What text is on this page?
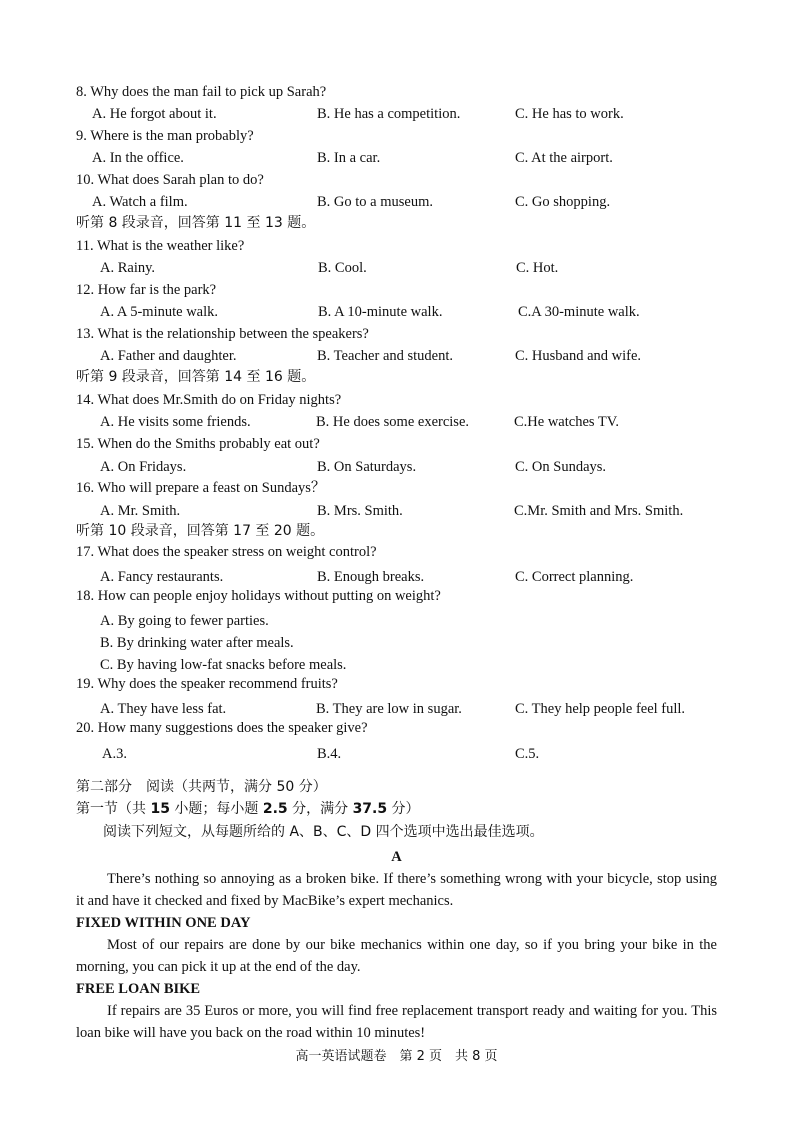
8. Why does the man fail to pick up Sarah?
A. He forgot about it.	B. He has a competition.	C. He has to work.
9. Where is the man probably?
A. In the office.	B. In a car.	C. At the airport.
10. What does Sarah plan to do?
A. Watch a film.	B. Go to a museum.	C. Go shopping.
听第 8 段录音，回答第 11 至 13 题。
11. What is the weather like?
A. Rainy.	B. Cool.	C. Hot.
12. How far is the park?
A. A 5-minute walk.	B. A 10-minute walk.	C.A 30-minute walk.
13. What is the relationship between the speakers?
A. Father and daughter.	B. Teacher and student.	C. Husband and wife.
听第 9 段录音，回答第 14 至 16 题。
14. What does Mr.Smith do on Friday nights?
A. He visits some friends.	B. He does some exercise.	C.He watches TV.
15. When do the Smiths probably eat out?
A. On Fridays.	B. On Saturdays.	C. On Sundays.
16. Who will prepare a feast on Sundays？
A. Mr. Smith.	B. Mrs. Smith.	C.Mr. Smith and Mrs. Smith.
听第 10 段录音，回答第 17 至 20 题。
17. What does the speaker stress on weight control?
A. Fancy restaurants.	B. Enough breaks.	C. Correct planning.
18. How can people enjoy holidays without putting on weight?
A. By going to fewer parties.
B. By drinking water after meals.
C. By having low-fat snacks before meals.
19. Why does the speaker recommend fruits?
A. They have less fat.	B. They are low in sugar.	C. They help people feel full.
20. How many suggestions does the speaker give?
A.3.	B.4.	C.5.
第二部分　阅读（共两节，满分 50 分）
第一节（共 15 小题；每小题 2.5 分，满分 37.5 分）
阅读下列短文，从每题所给的 A、B、C、D 四个选项中选出最佳选项。
A
There’s nothing so annoying as a broken bike. If there’s something wrong with your bicycle, stop using it and have it checked and fixed by MacBike’s expert mechanics.
FIXED WITHIN ONE DAY
Most of our repairs are done by our bike mechanics within one day, so if you bring your bike in the morning, you can pick it up at the end of the day.
FREE LOAN BIKE
If repairs are 35 Euros or more, you will find free replacement transport ready and waiting for you. This loan bike will have you back on the road within 10 minutes!
高一英语试题卷　第 2 页　共 8 页
